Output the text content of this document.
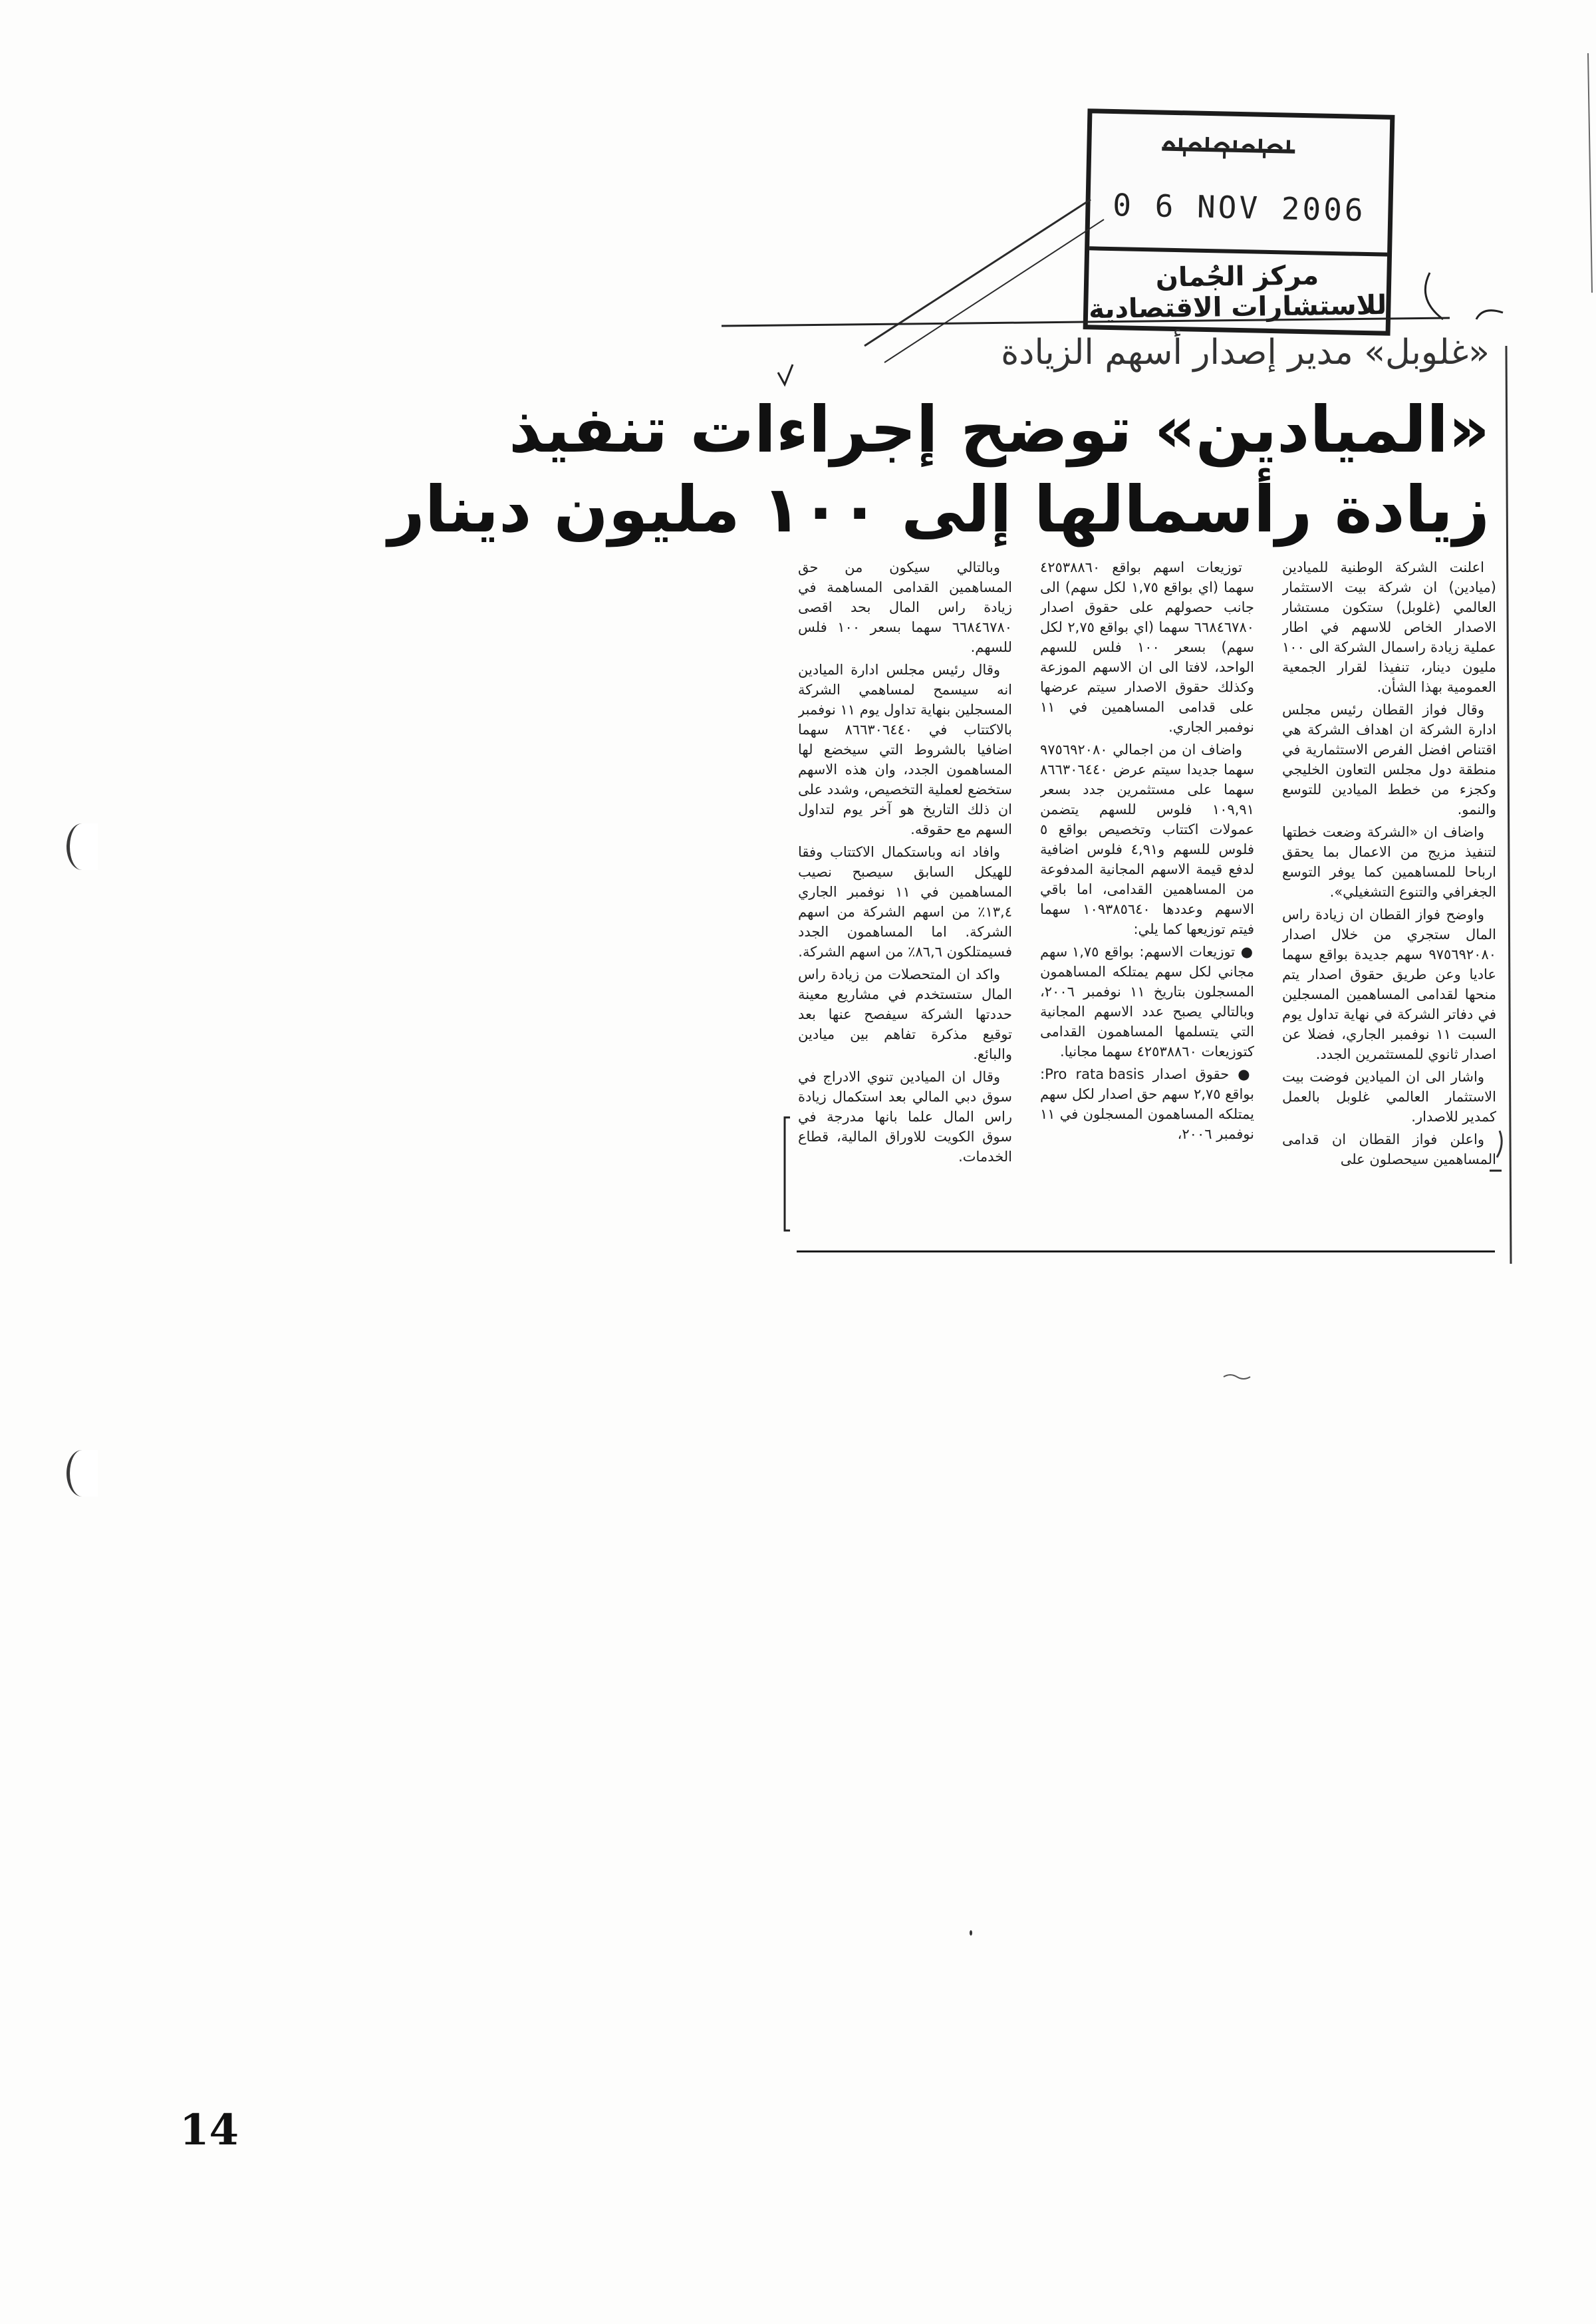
0 6 NOV 2006
مركز الجُمان للاستشارات الاقتصادية
«غلوبل» مدير إصدار أسهم الزيادة
«الميادين» توضح إجراءات تنفيذ
زيادة رأسمالها إلى ١٠٠ مليون دينار

اعلنت الشركة الوطنية للميادين (ميادين) ان شركة بيت الاستثمار العالمي (غلوبل) ستكون مستشار الاصدار الخاص للاسهم في اطار عملية زيادة راسمال الشركة الى ١٠٠ مليون دينار، تنفيذا لقرار الجمعية العمومية بهذا الشأن.

وقال فواز القطان رئيس مجلس ادارة الشركة ان اهداف الشركة هي اقتناص افضل الفرص الاستثمارية في منطقة دول مجلس التعاون الخليجي وكجزء من خطط الميادين للتوسع والنمو.

واضاف ان «الشركة وضعت خطتها لتنفيذ مزيج من الاعمال بما يحقق ارباحا للمساهمين كما يوفر التوسع الجغرافي والتنوع التشغيلي».

واوضح فواز القطان ان زيادة راس المال ستجري من خلال اصدار ٩٧٥٦٩٢٠٨٠ سهم جديدة بواقع سهما عاديا وعن طريق حقوق اصدار يتم منحها لقدامى المساهمين المسجلين في دفاتر الشركة في نهاية تداول يوم السبت ١١ نوفمبر الجاري، فضلا عن اصدار ثانوي للمستثمرين الجدد.

واشار الى ان الميادين فوضت بيت الاستثمار العالمي غلوبل بالعمل كمدير للاصدار.

واعلن فواز القطان ان قدامى المساهمين سيحصلون على

توزيعات اسهم بواقع ٤٢٥٣٨٨٦٠ سهما (اي بواقع ١,٧٥ لكل سهم) الى جانب حصولهم على حقوق اصدار ٦٦٨٤٦٧٨٠ سهما (اي بواقع ٢,٧٥ لكل سهم) بسعر ١٠٠ فلس للسهم الواحد، لافتا الى ان الاسهم الموزعة وكذلك حقوق الاصدار سيتم عرضها على قدامى المساهمين في ١١ نوفمبر الجاري.

واضاف ان من اجمالي ٩٧٥٦٩٢٠٨٠ سهما جديدا سيتم عرض ٨٦٦٣٠٦٤٤٠ سهما على مستثمرين جدد بسعر ١٠٩,٩١ فلوس للسهم يتضمن عمولات اكتتاب وتخصيص بواقع ٥ فلوس للسهم و٤,٩١ فلوس اضافية لدفع قيمة الاسهم المجانية المدفوعة من المساهمين القدامى، اما باقي الاسهم وعددها ١٠٩٣٨٥٦٤٠ سهما فيتم توزيعها كما يلي:

● توزيعات الاسهم: بواقع ١,٧٥ سهم مجاني لكل سهم يمتلكه المساهمون المسجلون بتاريخ ١١ نوفمبر ٢٠٠٦، وبالتالي يصبح عدد الاسهم المجانية التي يتسلمها المساهمون القدامى كتوزيعات ٤٢٥٣٨٨٦٠ سهما مجانيا.

● حقوق اصدار Pro rata basis: بواقع ٢,٧٥ سهم حق اصدار لكل سهم يمتلكه المساهمون المسجلون في ١١ نوفمبر ٢٠٠٦،

وبالتالي سيكون من حق المساهمين القدامى المساهمة في زيادة راس المال بحد اقصى ٦٦٨٤٦٧٨٠ سهما بسعر ١٠٠ فلس للسهم.

وقال رئيس مجلس ادارة الميادين انه سيسمح لمساهمي الشركة المسجلين بنهاية تداول يوم ١١ نوفمبر بالاكتتاب في ٨٦٦٣٠٦٤٤٠ سهما اضافيا بالشروط التي سيخضع لها المساهمون الجدد، وان هذه الاسهم ستخضع لعملية التخصيص، وشدد على ان ذلك التاريخ هو آخر يوم لتداول السهم مع حقوقه.

وافاد انه وباستكمال الاكتتاب وفقا للهيكل السابق سيصبح نصيب المساهمين في ١١ نوفمبر الجاري ١٣,٤٪ من اسهم الشركة من اسهم الشركة. اما المساهمون الجدد فسيمتلكون ٨٦,٦٪ من اسهم الشركة.

واكد ان المتحصلات من زيادة راس المال ستستخدم في مشاريع معينة حددتها الشركة سيفصح عنها بعد توقيع مذكرة تفاهم بين ميادين والبائع.

وقال ان الميادين تنوي الادراج في سوق دبي المالي بعد استكمال زيادة راس المال علما بانها مدرجة في سوق الكويت للاوراق المالية، قطاع الخدمات.

14
